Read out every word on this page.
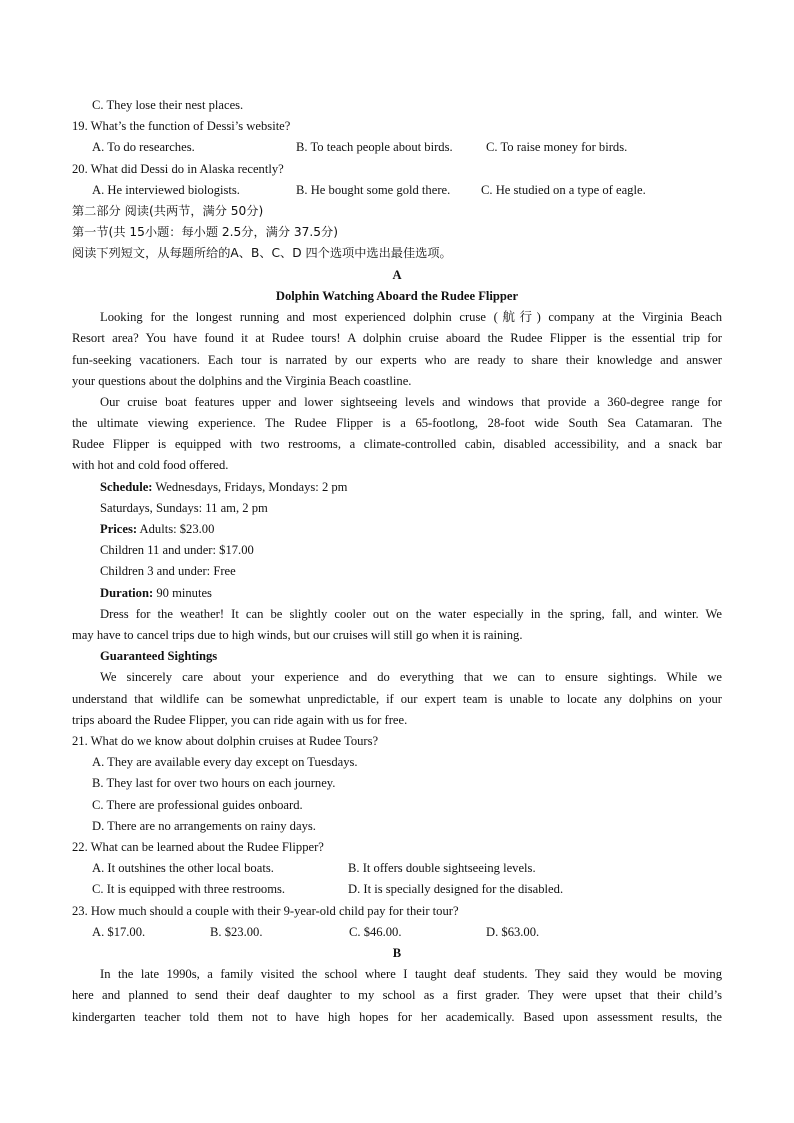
C. They lose their nest places.
19. What’s the function of Dessi’s website?
A. To do researches.	B. To teach people about birds.	C. To raise money for birds.
20. What did Dessi do in Alaska recently?
A. He interviewed biologists.	B. He bought some gold there. C. He studied on a type of eagle.
第二部分 阅读(共两节，满分 50分)
第一节(共 15小题：每小题 2.5分，满分 37.5分)
阅读下列短文，从每题所给的A、B、C、D 四个选项中选出最佳选项。
A
Dolphin Watching Aboard the Rudee Flipper
Looking for the longest running and most experienced dolphin cruse (航行) company at the Virginia Beach
Resort area? You have found it at Rudee tours! A dolphin cruise aboard the Rudee Flipper is the essential trip for
fun-seeking vacationers. Each tour is narrated by our experts who are ready to share their knowledge and answer
your questions about the dolphins and the Virginia Beach coastline.
Our cruise boat features upper and lower sightseeing levels and windows that provide a 360-degree range for
the ultimate viewing experience. The Rudee Flipper is a 65-footlong, 28-foot wide South Sea Catamaran. The
Rudee Flipper is equipped with two restrooms, a climate-controlled cabin, disabled accessibility, and a snack bar
with hot and cold food offered.
Schedule: Wednesdays, Fridays, Mondays: 2 pm
Saturdays, Sundays: 11 am, 2 pm
Prices: Adults: $23.00
Children 11 and under: $17.00
Children 3 and under: Free
Duration: 90 minutes
Dress for the weather! It can be slightly cooler out on the water especially in the spring, fall, and winter. We
may have to cancel trips due to high winds, but our cruises will still go when it is raining.
Guaranteed Sightings
We sincerely care about your experience and do everything that we can to ensure sightings. While we
understand that wildlife can be somewhat unpredictable, if our expert team is unable to locate any dolphins on your
trips aboard the Rudee Flipper, you can ride again with us for free.
21. What do we know about dolphin cruises at Rudee Tours?
A. They are available every day except on Tuesdays.
B. They last for over two hours on each journey.
C. There are professional guides onboard.
D. There are no arrangements on rainy days.
22. What can be learned about the Rudee Flipper?
A. It outshines the other local boats.	B. It offers double sightseeing levels.
C. It is equipped with three restrooms.	D. It is specially designed for the disabled.
23. How much should a couple with their 9-year-old child pay for their tour?
A. $17.00.	B. $23.00.	C. $46.00.	D. $63.00.
B
In the late 1990s, a family visited the school where I taught deaf students. They said they would be moving
here and planned to send their deaf daughter to my school as a first grader. They were upset that their child’s
kindergarten teacher told them not to have high hopes for her academically. Based upon assessment results, the
